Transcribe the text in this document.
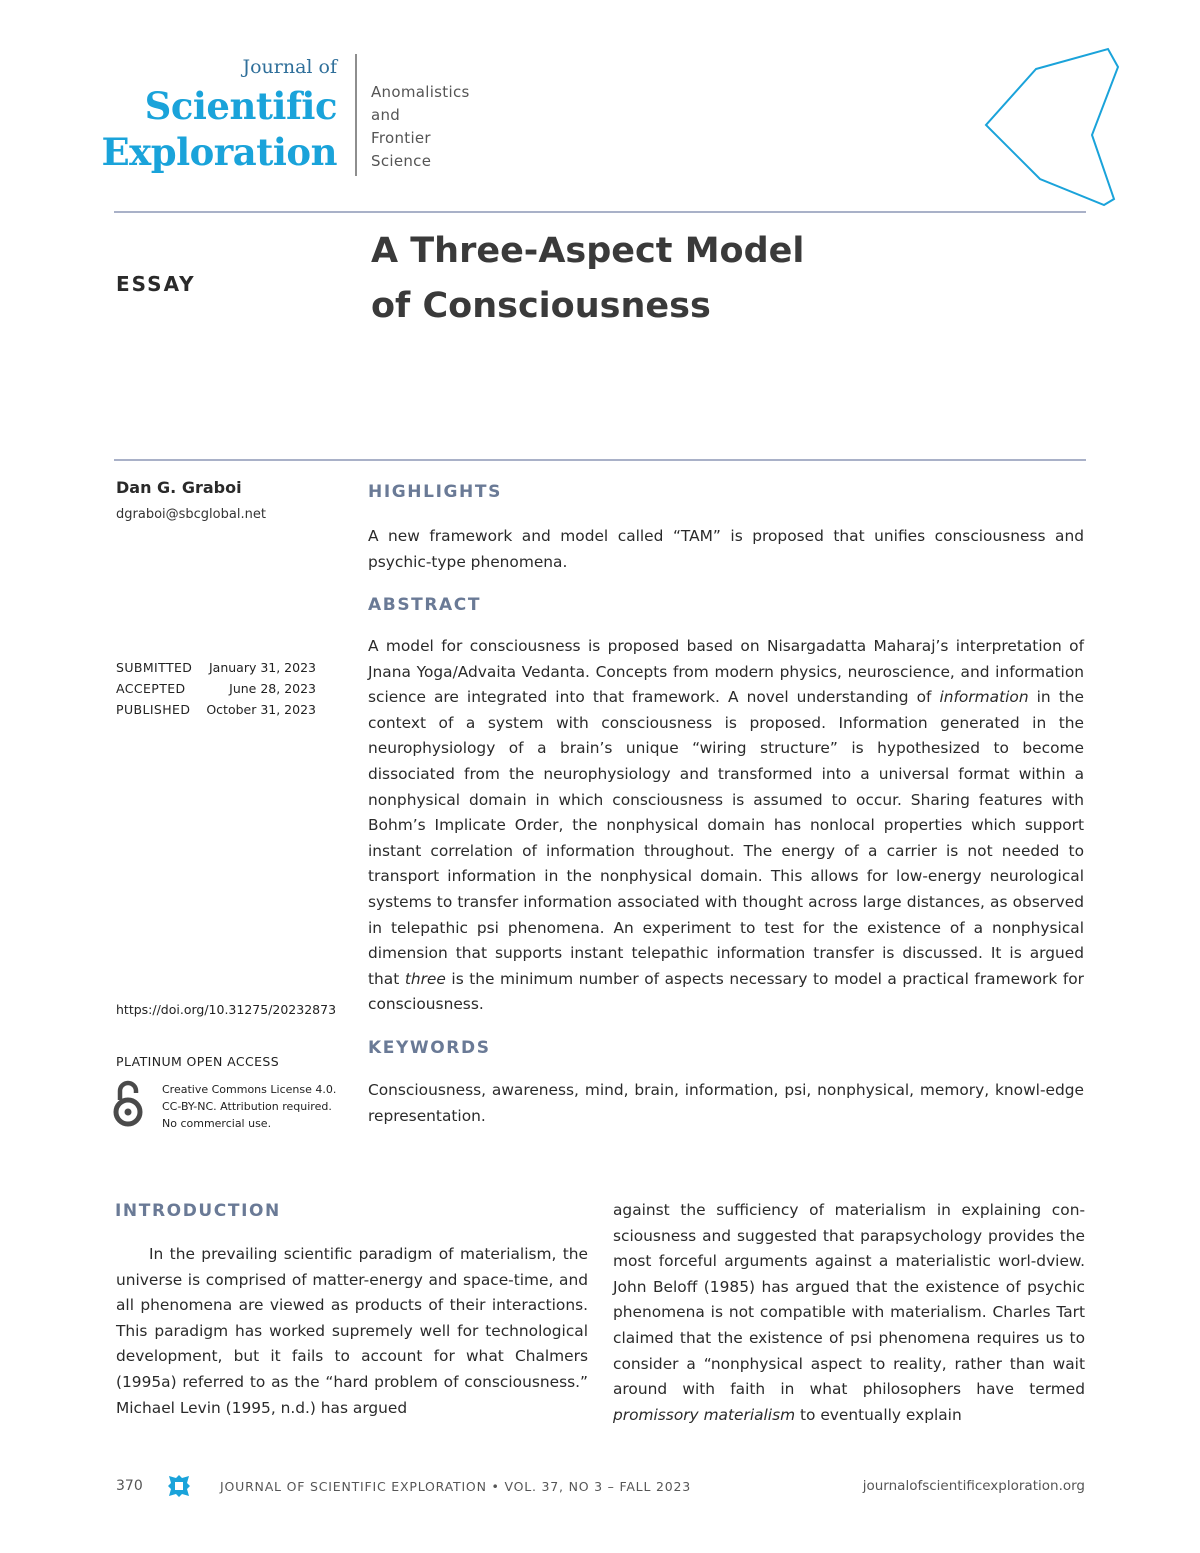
Journal of
Scientific
Exploration
Anomalistics
and
Frontier
Science
ESSAY
A Three-Aspect Model
of Consciousness
Dan G. Graboi
dgraboi@sbcglobal.net
SUBMITTED January 31, 2023
ACCEPTED	June 28, 2023
PUBLISHED October 31, 2023
https://doi.org/10.31275/20232873
PLATINUM OPEN ACCESS
Creative Commons License 4.0.
CC-BY-NC. Attribution required.
No commercial use.
HIGHLIGHTS
A new framework and model called “TAM” is proposed that unifies consciousness and psychic-type phenomena.
ABSTRACT
A model for consciousness is proposed based on Nisargadatta Maharaj’s interpretation of Jnana Yoga/Advaita Vedanta. Concepts from modern physics, neuroscience, and information science are integrated into that framework. A novel understanding of information in the context of a system with consciousness is proposed. Information generated in the neurophysiology of a brain’s unique “wiring structure” is hypothesized to become dissociated from the neurophysiology and transformed into a universal format within a nonphysical domain in which consciousness is assumed to occur. Sharing features with Bohm’s Implicate Order, the nonphysical domain has nonlocal properties which support instant correlation of information throughout. The energy of a carrier is not needed to transport information in the nonphysical domain. This allows for low-energy neurological systems to transfer information associated with thought across large distances, as observed in telepathic psi phenomena. An experiment to test for the existence of a nonphysical dimension that supports instant telepathic information transfer is discussed. It is argued that three is the minimum number of aspects necessary to model a practical framework for consciousness.
KEYWORDS
Consciousness, awareness, mind, brain, information, psi, nonphysical, memory, knowl-edge representation.
INTRODUCTION
In the prevailing scientific paradigm of materialism, the universe is comprised of matter-energy and space-time, and all phenomena are viewed as products of their interactions. This paradigm has worked supremely well for technological development, but it fails to account for what Chalmers (1995a) referred to as the “hard problem of consciousness.” Michael Levin (1995, n.d.) has argued
against the sufficiency of materialism in explaining con-sciousness and suggested that parapsychology provides the most forceful arguments against a materialistic worl-dview. John Beloff (1985) has argued that the existence of psychic phenomena is not compatible with materialism. Charles Tart claimed that the existence of psi phenomena requires us to consider a “nonphysical aspect to reality, rather than wait around with faith in what philosophers have termed promissory materialism to eventually explain
370	JOURNAL OF SCIENTIFIC EXPLORATION • VOL. 37, NO 3 – FALL 2023	journalofscientificexploration.org
